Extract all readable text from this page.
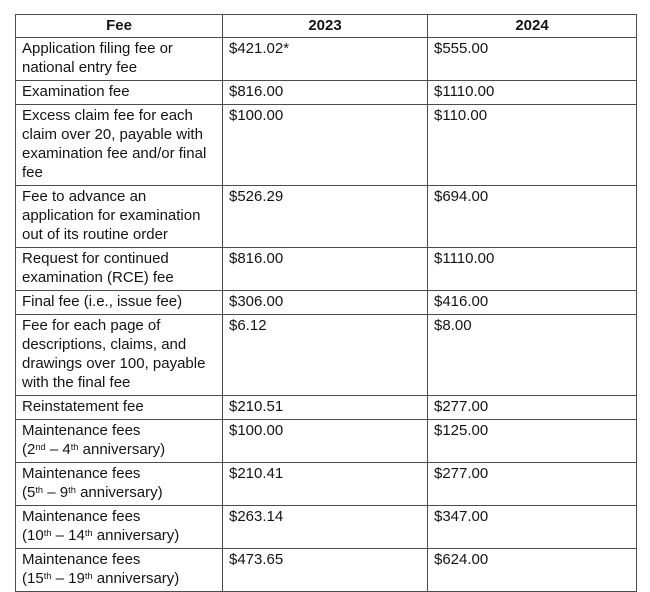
Fee	2023	2024

Application filing fee or
national entry fee	$421.02*	$555.00

Examination fee	$816.00	$1110.00

Excess claim fee for each
claim over 20, payable with
examination fee and/or final
fee	$100.00	$110.00

Fee to advance an
application for examination
out of its routine order	$526.29	$694.00

Request for continued
examination (RCE) fee	$816.00	$1110.00

Final fee (i.e., issue fee)	$306.00	$416.00

Fee for each page of
descriptions, claims, and
drawings over 100, payable
with the final fee	$6.12	$8.00

Reinstatement fee	$210.51	$277.00

Maintenance fees
(2nd – 4th anniversary)	$100.00	$125.00

Maintenance fees
(5th – 9th anniversary)	$210.41	$277.00

Maintenance fees
(10th – 14th anniversary)	$263.14	$347.00

Maintenance fees
(15th – 19th anniversary)	$473.65	$624.00
